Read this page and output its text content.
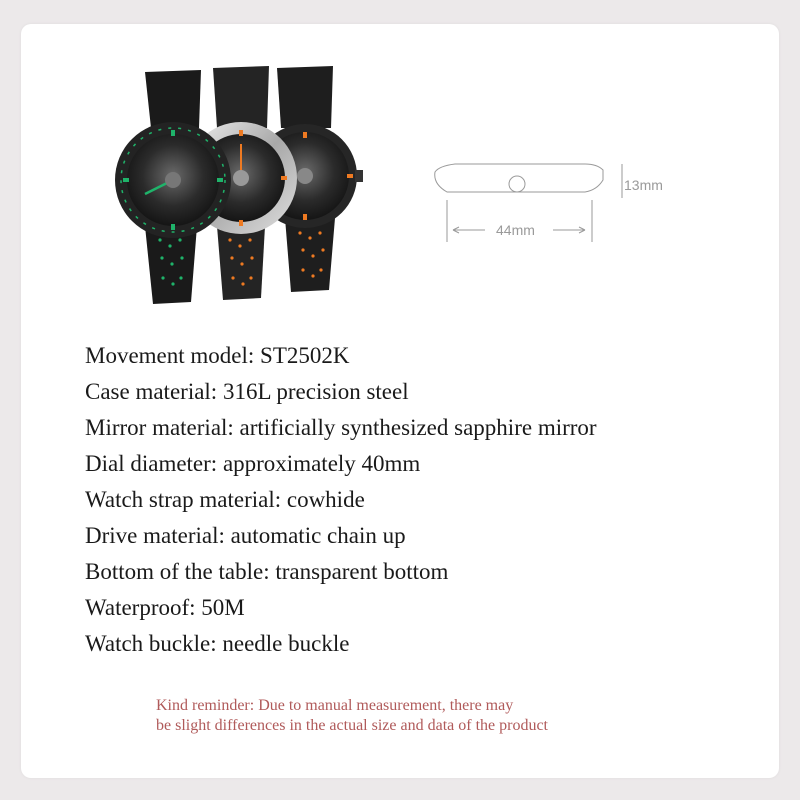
13mm
44mm
Movement model: ST2502K
Case material: 316L precision steel
Mirror material: artificially synthesized sapphire mirror
Dial diameter: approximately 40mm
Watch strap material: cowhide
Drive material: automatic chain up
Bottom of the table: transparent bottom
Waterproof: 50M
Watch buckle: needle buckle
Kind reminder: Due to manual measurement, there may
be slight differences in the actual size and data of the product
